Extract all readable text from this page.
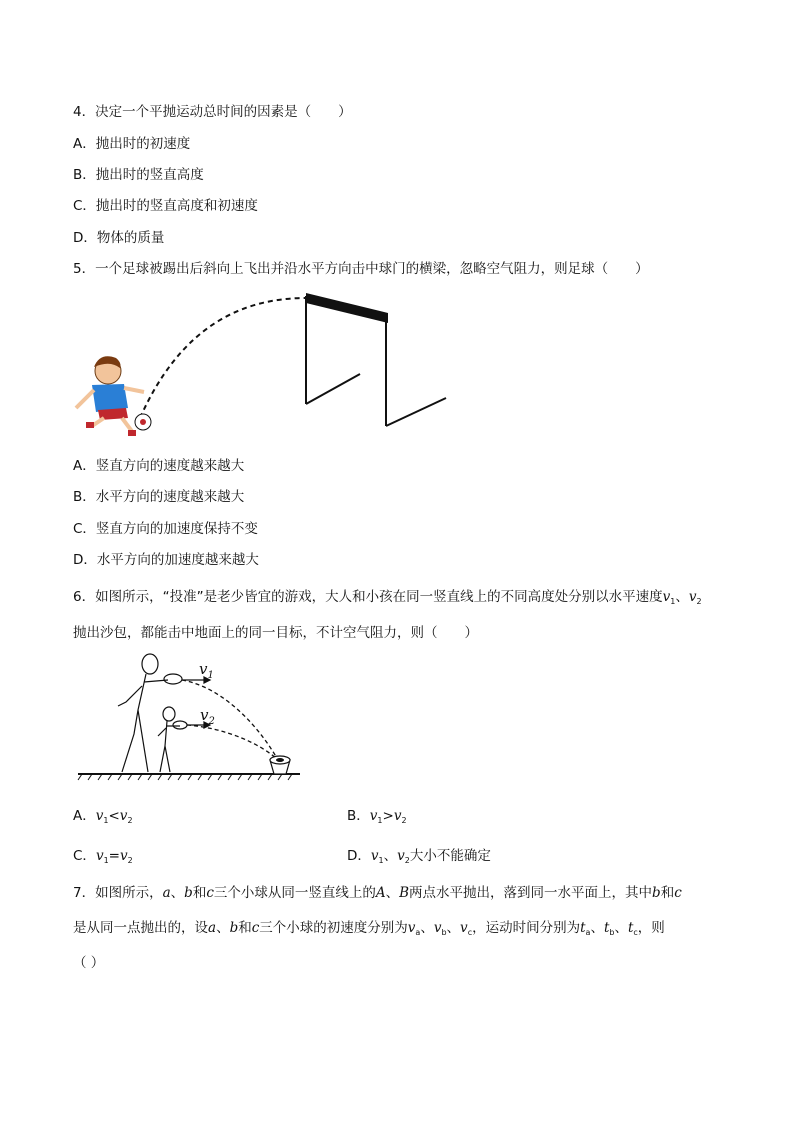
4．决定一个平抛运动总时间的因素是（　　）
A．抛出时的初速度
B．抛出时的竖直高度
C．抛出时的竖直高度和初速度
D．物体的质量
5．一个足球被踢出后斜向上飞出并沿水平方向击中球门的横梁，忽略空气阻力，则足球（　　）
A．竖直方向的速度越来越大
B．水平方向的速度越来越大
C．竖直方向的加速度保持不变
D．水平方向的加速度越来越大
6．如图所示，“投准”是老少皆宜的游戏，大人和小孩在同一竖直线上的不同高度处分别以水平速度$v_1$、$v_2$
抛出沙包，都能击中地面上的同一目标，不计空气阻力，则（　　）
$v_1$
$v_2$
A．$v_1<v_2$	B．$v_1>v_2$
C．$v_1=v_2$	D．$v_1$、$v_2$大小不能确定
7．如图所示，a、b和c三个小球从同一竖直线上的A、B两点水平抛出，落到同一水平面上，其中b和c
是从同一点抛出的，设a、b和c三个小球的初速度分别为$v_a$、$v_b$、$v_c$，运动时间分别为$t_a$、$t_b$、$t_c$，则
（ ）
